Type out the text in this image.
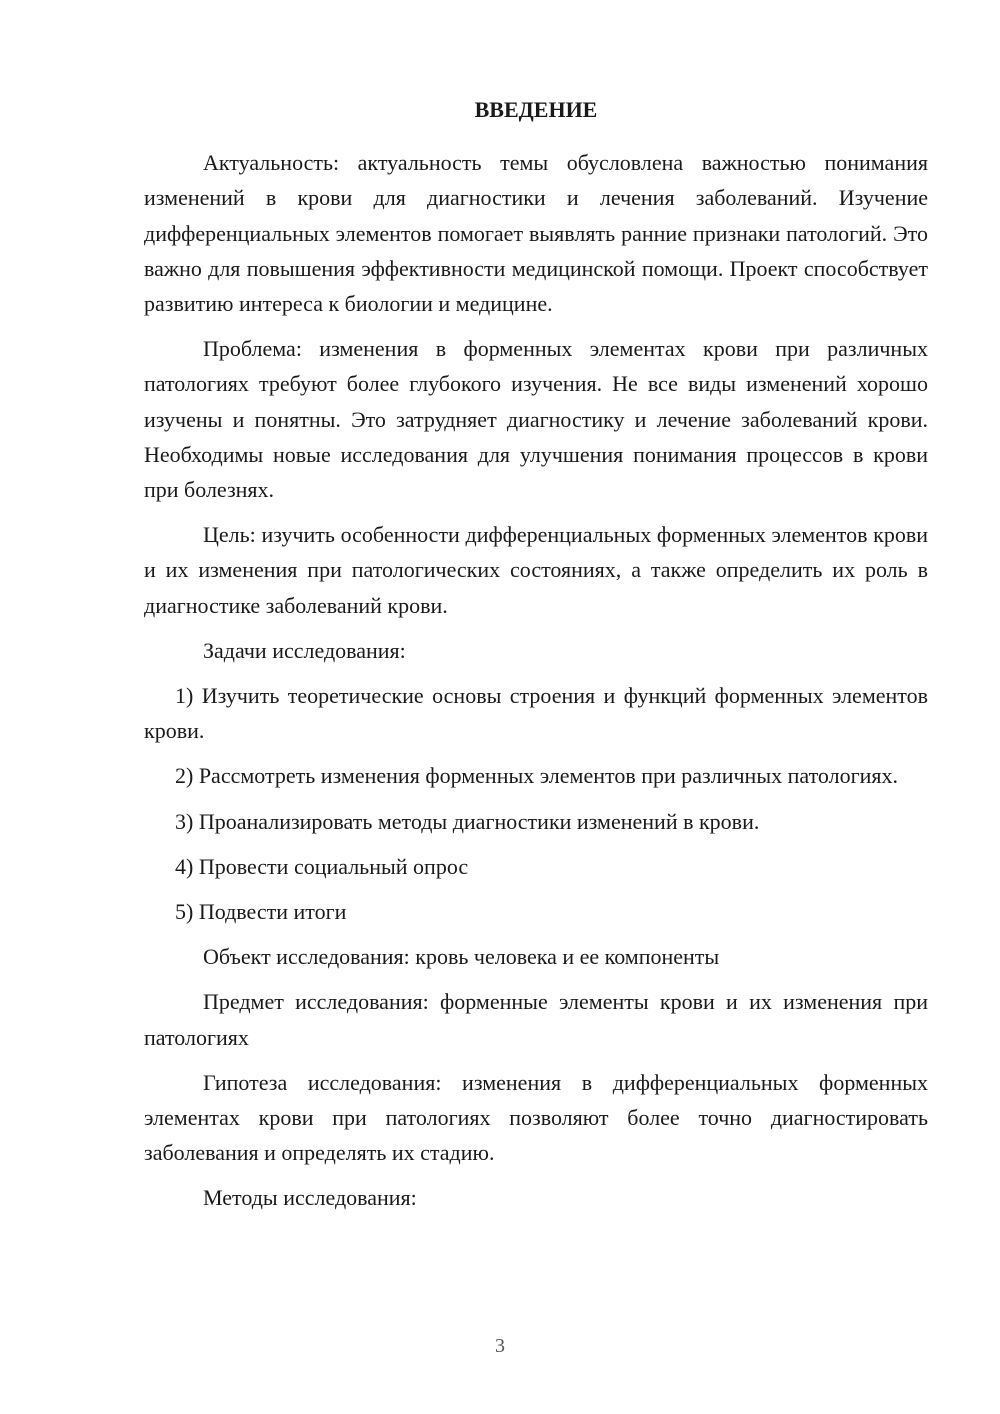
ВВЕДЕНИЕ

Актуальность: актуальность темы обусловлена важностью понимания изменений в крови для диагностики и лечения заболеваний. Изучение дифференциальных элементов помогает выявлять ранние признаки патологий. Это важно для повышения эффективности медицинской помощи. Проект способствует развитию интереса к биологии и медицине.

Проблема: изменения в форменных элементах крови при различных патологиях требуют более глубокого изучения. Не все виды изменений хорошо изучены и понятны. Это затрудняет диагностику и лечение заболеваний крови. Необходимы новые исследования для улучшения понимания процессов в крови при болезнях.

Цель: изучить особенности дифференциальных форменных элементов крови и их изменения при патологических состояниях, а также определить их роль в диагностике заболеваний крови.

Задачи исследования:

1) Изучить теоретические основы строения и функций форменных элементов крови.

2) Рассмотреть изменения форменных элементов при различных патологиях.

3) Проанализировать методы диагностики изменений в крови.

4) Провести социальный опрос

5) Подвести итоги

Объект исследования: кровь человека и ее компоненты

Предмет исследования: форменные элементы крови и их изменения при патологиях

Гипотеза исследования: изменения в дифференциальных форменных элементах крови при патологиях позволяют более точно диагностировать заболевания и определять их стадию.

Методы исследования:

3
